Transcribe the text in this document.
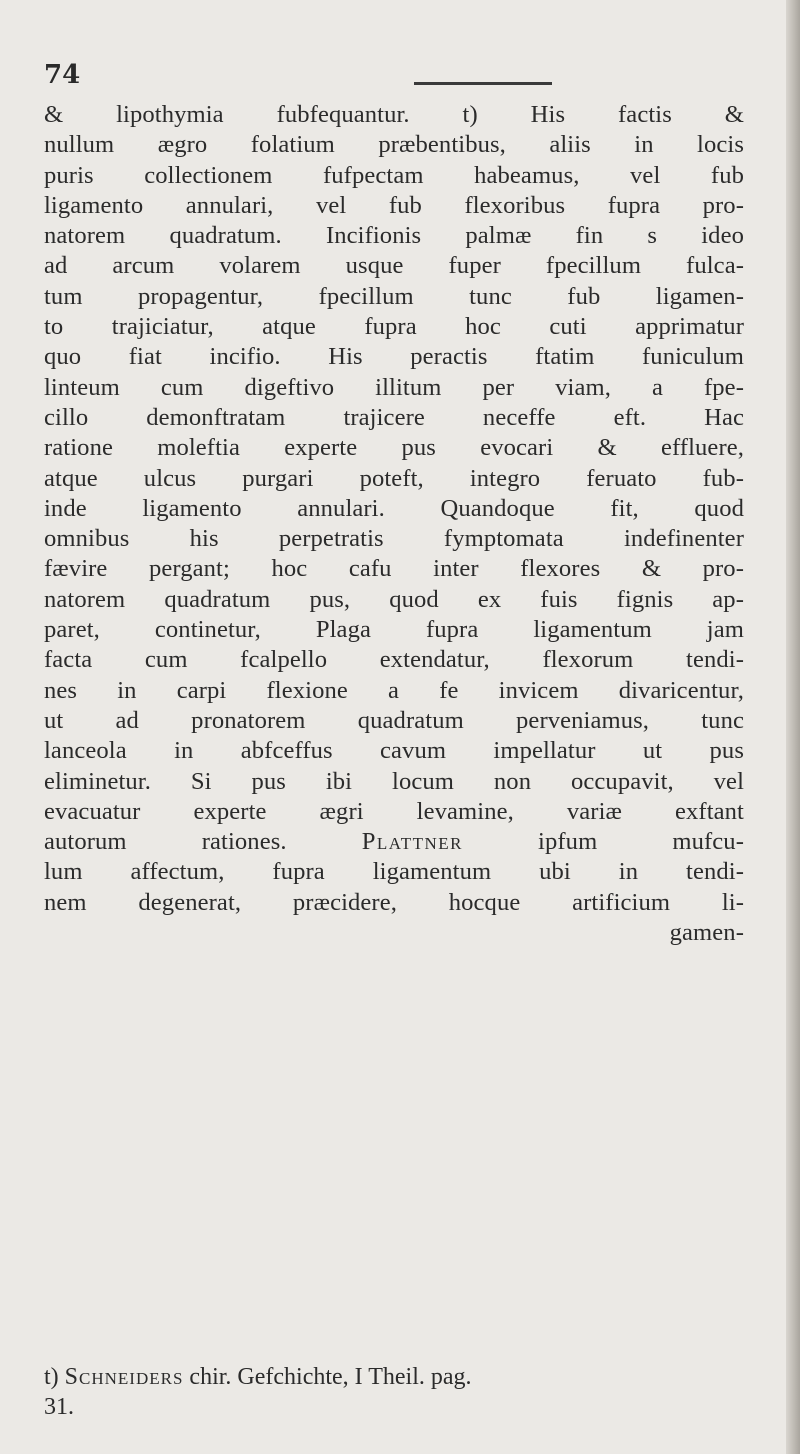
74
& lipothymia fubfequantur. t) His factis &
nullum ægro folatium præbentibus, aliis in locis
puris collectionem fufpectam habeamus, vel fub
ligamento annulari, vel fub flexoribus fupra pro-
natorem quadratum. Incifionis palmæ fin s ideo
ad arcum volarem usque fuper fpecillum fulca-
tum propagentur, fpecillum tunc fub ligamen-
to trajiciatur, atque fupra hoc cuti apprimatur
quo fiat incifio. His peractis ftatim funiculum
linteum cum digeftivo illitum per viam, a fpe-
cillo demonftratam trajicere neceffe eft. Hac
ratione moleftia experte pus evocari & effluere,
atque ulcus purgari poteft, integro feruato fub-
inde ligamento annulari. Quandoque fit, quod
omnibus his perpetratis fymptomata indefinenter
fævire pergant; hoc cafu inter flexores & pro-
natorem quadratum pus, quod ex fuis fignis ap-
paret, continetur, Plaga fupra ligamentum jam
facta cum fcalpello extendatur, flexorum tendi-
nes in carpi flexione a fe invicem divaricentur,
ut ad pronatorem quadratum perveniamus, tunc
lanceola in abfceffus cavum impellatur ut pus
eliminetur. Si pus ibi locum non occupavit, vel
evacuatur experte ægri levamine, variæ exftant
autorum rationes. Plattner ipfum mufcu-
lum affectum, fupra ligamentum ubi in tendi-
nem degenerat, præcidere, hocque artificium li-
gamen-
t) Schneiders chir. Gefchichte, I Theil. pag.
31.
